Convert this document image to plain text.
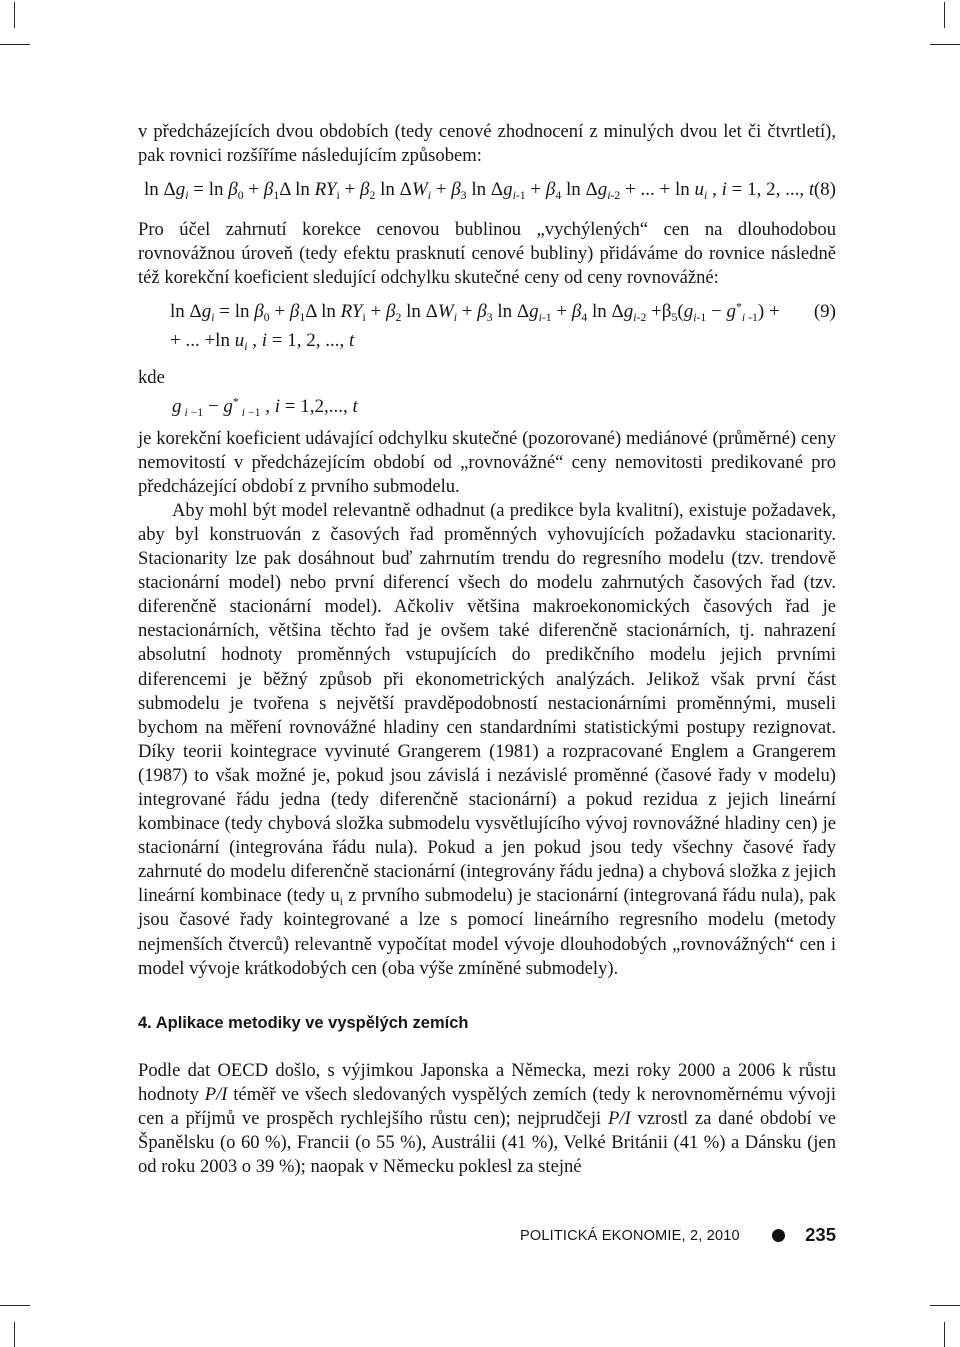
v předcházejících dvou obdobích (tedy cenové zhodnocení z minulých dvou let či čtvrtletí), pak rovnici rozšíříme následujícím způsobem:

$\ln \Delta g_i = \ln \beta_0 + \beta_1\Delta$ $\ln RY_i + \beta_2$ $\ln \Delta W_i + \beta_3$ $\ln \Delta g_{i-1} + \beta_4$ $\ln \Delta g_{i-2}$ + ... + $\ln u_i$ , i = 1, 2, ..., t (8)

Pro účel zahrnutí korekce cenovou bublinou „vychýlených“ cen na dlouhodobou rovnovážnou úroveň (tedy efektu prasknutí cenové bubliny) přidáváme do rovnice následně též korekční koeficient sledující odchylku skutečné ceny od ceny rovnovážné:

$\ln \Delta g_i = \ln \beta_0 + \beta_1\Delta$ $\ln RY_i + \beta_2$ $\ln \Delta W_i + \beta_3$ $\ln \Delta g_{i-1} + \beta_4$ $\ln \Delta g_{i-2} +\beta_5(g_{i-1} - g^*_{i -1})$ +
+ ... +ln $u_i$ , i = 1, 2, ..., t
(9)

kde

g $_{i -1}$ − g* $_{i -1}$ , i = 1,2,..., t

je korekční koeficient udávající odchylku skutečné (pozorované) mediánové (průměrné) ceny nemovitostí v předcházejícím období od „rovnovážné“ ceny nemovitosti predikované pro předcházející období z prvního submodelu.

Aby mohl být model relevantně odhadnut (a predikce byla kvalitní), existuje požadavek, aby byl konstruován z časových řad proměnných vyhovujících požadavku stacionarity. Stacionarity lze pak dosáhnout buď zahrnutím trendu do regresního modelu (tzv. trendově stacionární model) nebo první diferencí všech do modelu zahrnutých časových řad (tzv. diferenčně stacionární model). Ačkoliv většina makroekonomických časových řad je nestacionárních, většina těchto řad je ovšem také diferenčně stacionárních, tj. nahrazení absolutní hodnoty proměnných vstupujících do predikčního modelu jejich prvními diferencemi je běžný způsob při ekonometrických analýzách. Jelikož však první část submodelu je tvořena s největší pravděpodobností nestacionárními proměnnými, museli bychom na měření rovnovážné hladiny cen standardními statistickými postupy rezignovat. Díky teorii kointegrace vyvinuté Grangerem (1981) a rozpracované Englem a Grangerem (1987) to však možné je, pokud jsou závislá i nezávislé proměnné (časové řady v modelu) integrované řádu jedna (tedy diferenčně stacionární) a pokud rezidua z jejich lineární kombinace (tedy chybová složka submodelu vysvětlujícího vývoj rovnovážné hladiny cen) je stacionární (integrována řádu nula). Pokud a jen pokud jsou tedy všechny časové řady zahrnuté do modelu diferenčně stacionární (integrovány řádu jedna) a chybová složka z jejich lineární kombinace (tedy $u_i$ z prvního submodelu) je stacionární (integrovaná řádu nula), pak jsou časové řady kointegrované a lze s pomocí lineárního regresního modelu (metody nejmenších čtverců) relevantně vypočítat model vývoje dlouhodobých „rovnovážných“ cen i model vývoje krátkodobých cen (oba výše zmíněné submodely).

4. Aplikace metodiky ve vyspělých zemích

Podle dat OECD došlo, s výjimkou Japonska a Německa, mezi roky 2000 a 2006 k růstu hodnoty P/I téměř ve všech sledovaných vyspělých zemích (tedy k nerovnoměrnému vývoji cen a příjmů ve prospěch rychlejšího růstu cen); nejprudčeji P/I vzrostl za dané období ve Španělsku (o 60 %), Francii (o 55 %), Austrálii (41 %), Velké Británii (41 %) a Dánsku (jen od roku 2003 o 39 %); naopak v Německu poklesl za stejné

POLITICKÁ EKONOMIE, 2, 2010	235
